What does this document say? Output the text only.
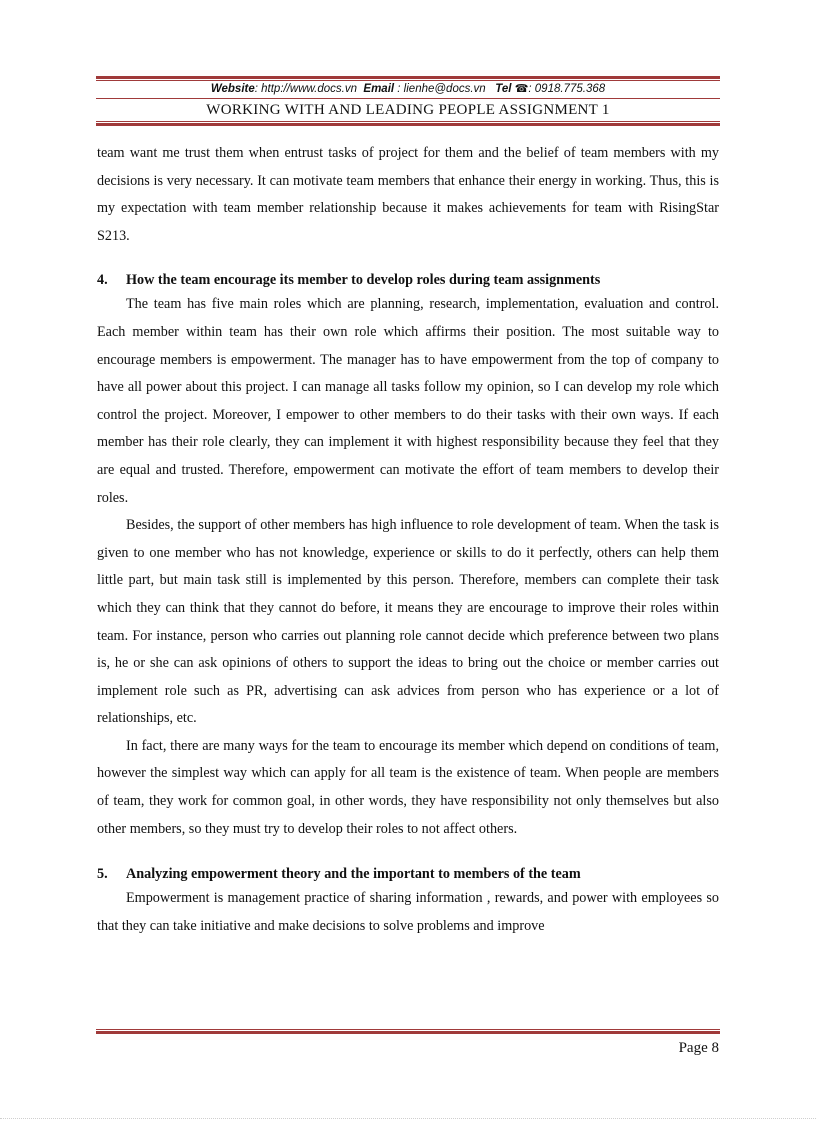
Website: http://www.docs.vn Email : lienhe@docs.vn Tel ☎: 0918.775.368
WORKING WITH AND LEADING PEOPLE ASSIGNMENT 1

team want me trust them when entrust tasks of project for them and the belief of team members with my decisions is very necessary. It can motivate team members that enhance their energy in working. Thus, this is my expectation with team member relationship because it makes achievements for team with RisingStar S213.

4.	How the team encourage its member to develop roles during team assignments

The team has five main roles which are planning, research, implementation, evaluation and control. Each member within team has their own role which affirms their position. The most suitable way to encourage members is empowerment. The manager has to have empowerment from the top of company to have all power about this project. I can manage all tasks follow my opinion, so I can develop my role which control the project. Moreover, I empower to other members to do their tasks with their own ways. If each member has their role clearly, they can implement it with highest responsibility because they feel that they are equal and trusted. Therefore, empowerment can motivate the effort of team members to develop their roles.

Besides, the support of other members has high influence to role development of team. When the task is given to one member who has not knowledge, experience or skills to do it perfectly, others can help them little part, but main task still is implemented by this person. Therefore, members can complete their task which they can think that they cannot do before, it means they are encourage to improve their roles within team. For instance, person who carries out planning role cannot decide which preference between two plans is, he or she can ask opinions of others to support the ideas to bring out the choice or member carries out implement role such as PR, advertising can ask advices from person who has experience or a lot of relationships, etc.

In fact, there are many ways for the team to encourage its member which depend on conditions of team, however the simplest way which can apply for all team is the existence of team. When people are members of team, they work for common goal, in other words, they have responsibility not only themselves but also other members, so they must try to develop their roles to not affect others.

5.	Analyzing empowerment theory and the important to members of the team

Empowerment is management practice of sharing information , rewards, and power with employees so that they can take initiative and make decisions to solve problems and improve

Page 8
